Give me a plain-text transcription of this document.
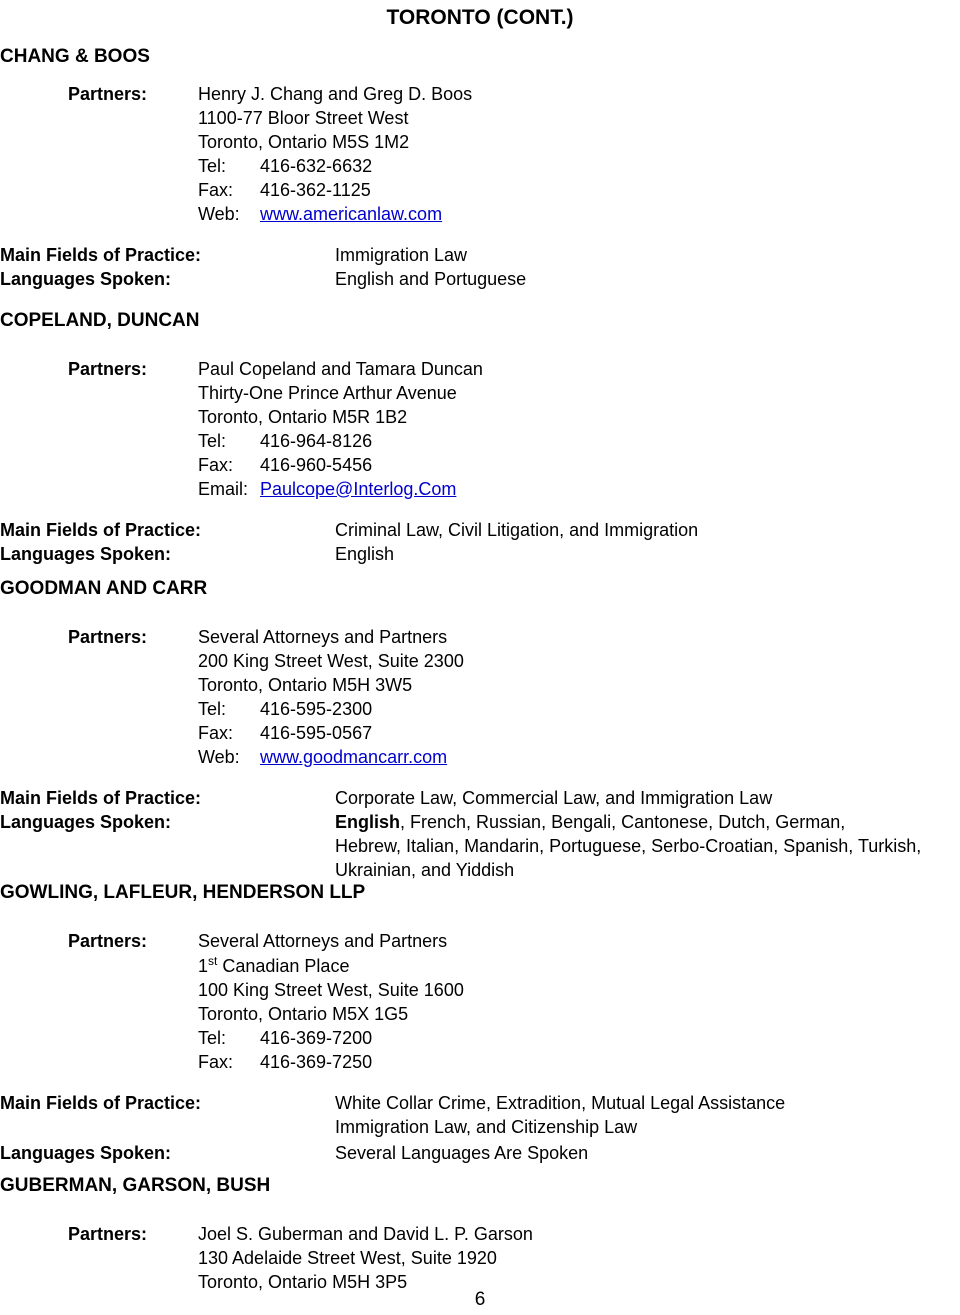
TORONTO (CONT.)
CHANG & BOOS
Partners:	Henry J. Chang and Greg D. Boos
1100-77 Bloor Street West
Toronto, Ontario M5S 1M2
Tel:	416-632-6632
Fax:	416-362-1125
Web:	www.americanlaw.com
Main Fields of Practice:	Immigration Law
Languages Spoken:	English and Portuguese
COPELAND, DUNCAN
Partners:	Paul Copeland and Tamara Duncan
Thirty-One Prince Arthur Avenue
Toronto, Ontario M5R 1B2
Tel:	416-964-8126
Fax:	416-960-5456
Email: Paulcope@Interlog.Com
Main Fields of Practice:	Criminal Law, Civil Litigation, and Immigration
Languages Spoken:	English
GOODMAN AND CARR
Partners:	Several Attorneys and Partners
200 King Street West, Suite 2300
Toronto, Ontario M5H 3W5
Tel:	416-595-2300
Fax:	416-595-0567
Web:	www.goodmancarr.com
Main Fields of Practice:	Corporate Law, Commercial Law, and Immigration Law
Languages Spoken:	English, French, Russian, Bengali, Cantonese, Dutch, German,
Hebrew, Italian, Mandarin, Portuguese, Serbo-Croatian, Spanish, Turkish,
Ukrainian, and Yiddish
GOWLING, LAFLEUR, HENDERSON LLP
Partners:	Several Attorneys and Partners
1st Canadian Place
100 King Street West, Suite 1600
Toronto, Ontario M5X 1G5
Tel:	416-369-7200
Fax:	416-369-7250
Main Fields of Practice:	White Collar Crime, Extradition, Mutual Legal Assistance
Immigration Law, and Citizenship Law
Languages Spoken:	Several Languages Are Spoken
GUBERMAN, GARSON, BUSH
Partners:	Joel S. Guberman and David L. P. Garson
130 Adelaide Street West, Suite 1920
Toronto, Ontario M5H 3P5
6
